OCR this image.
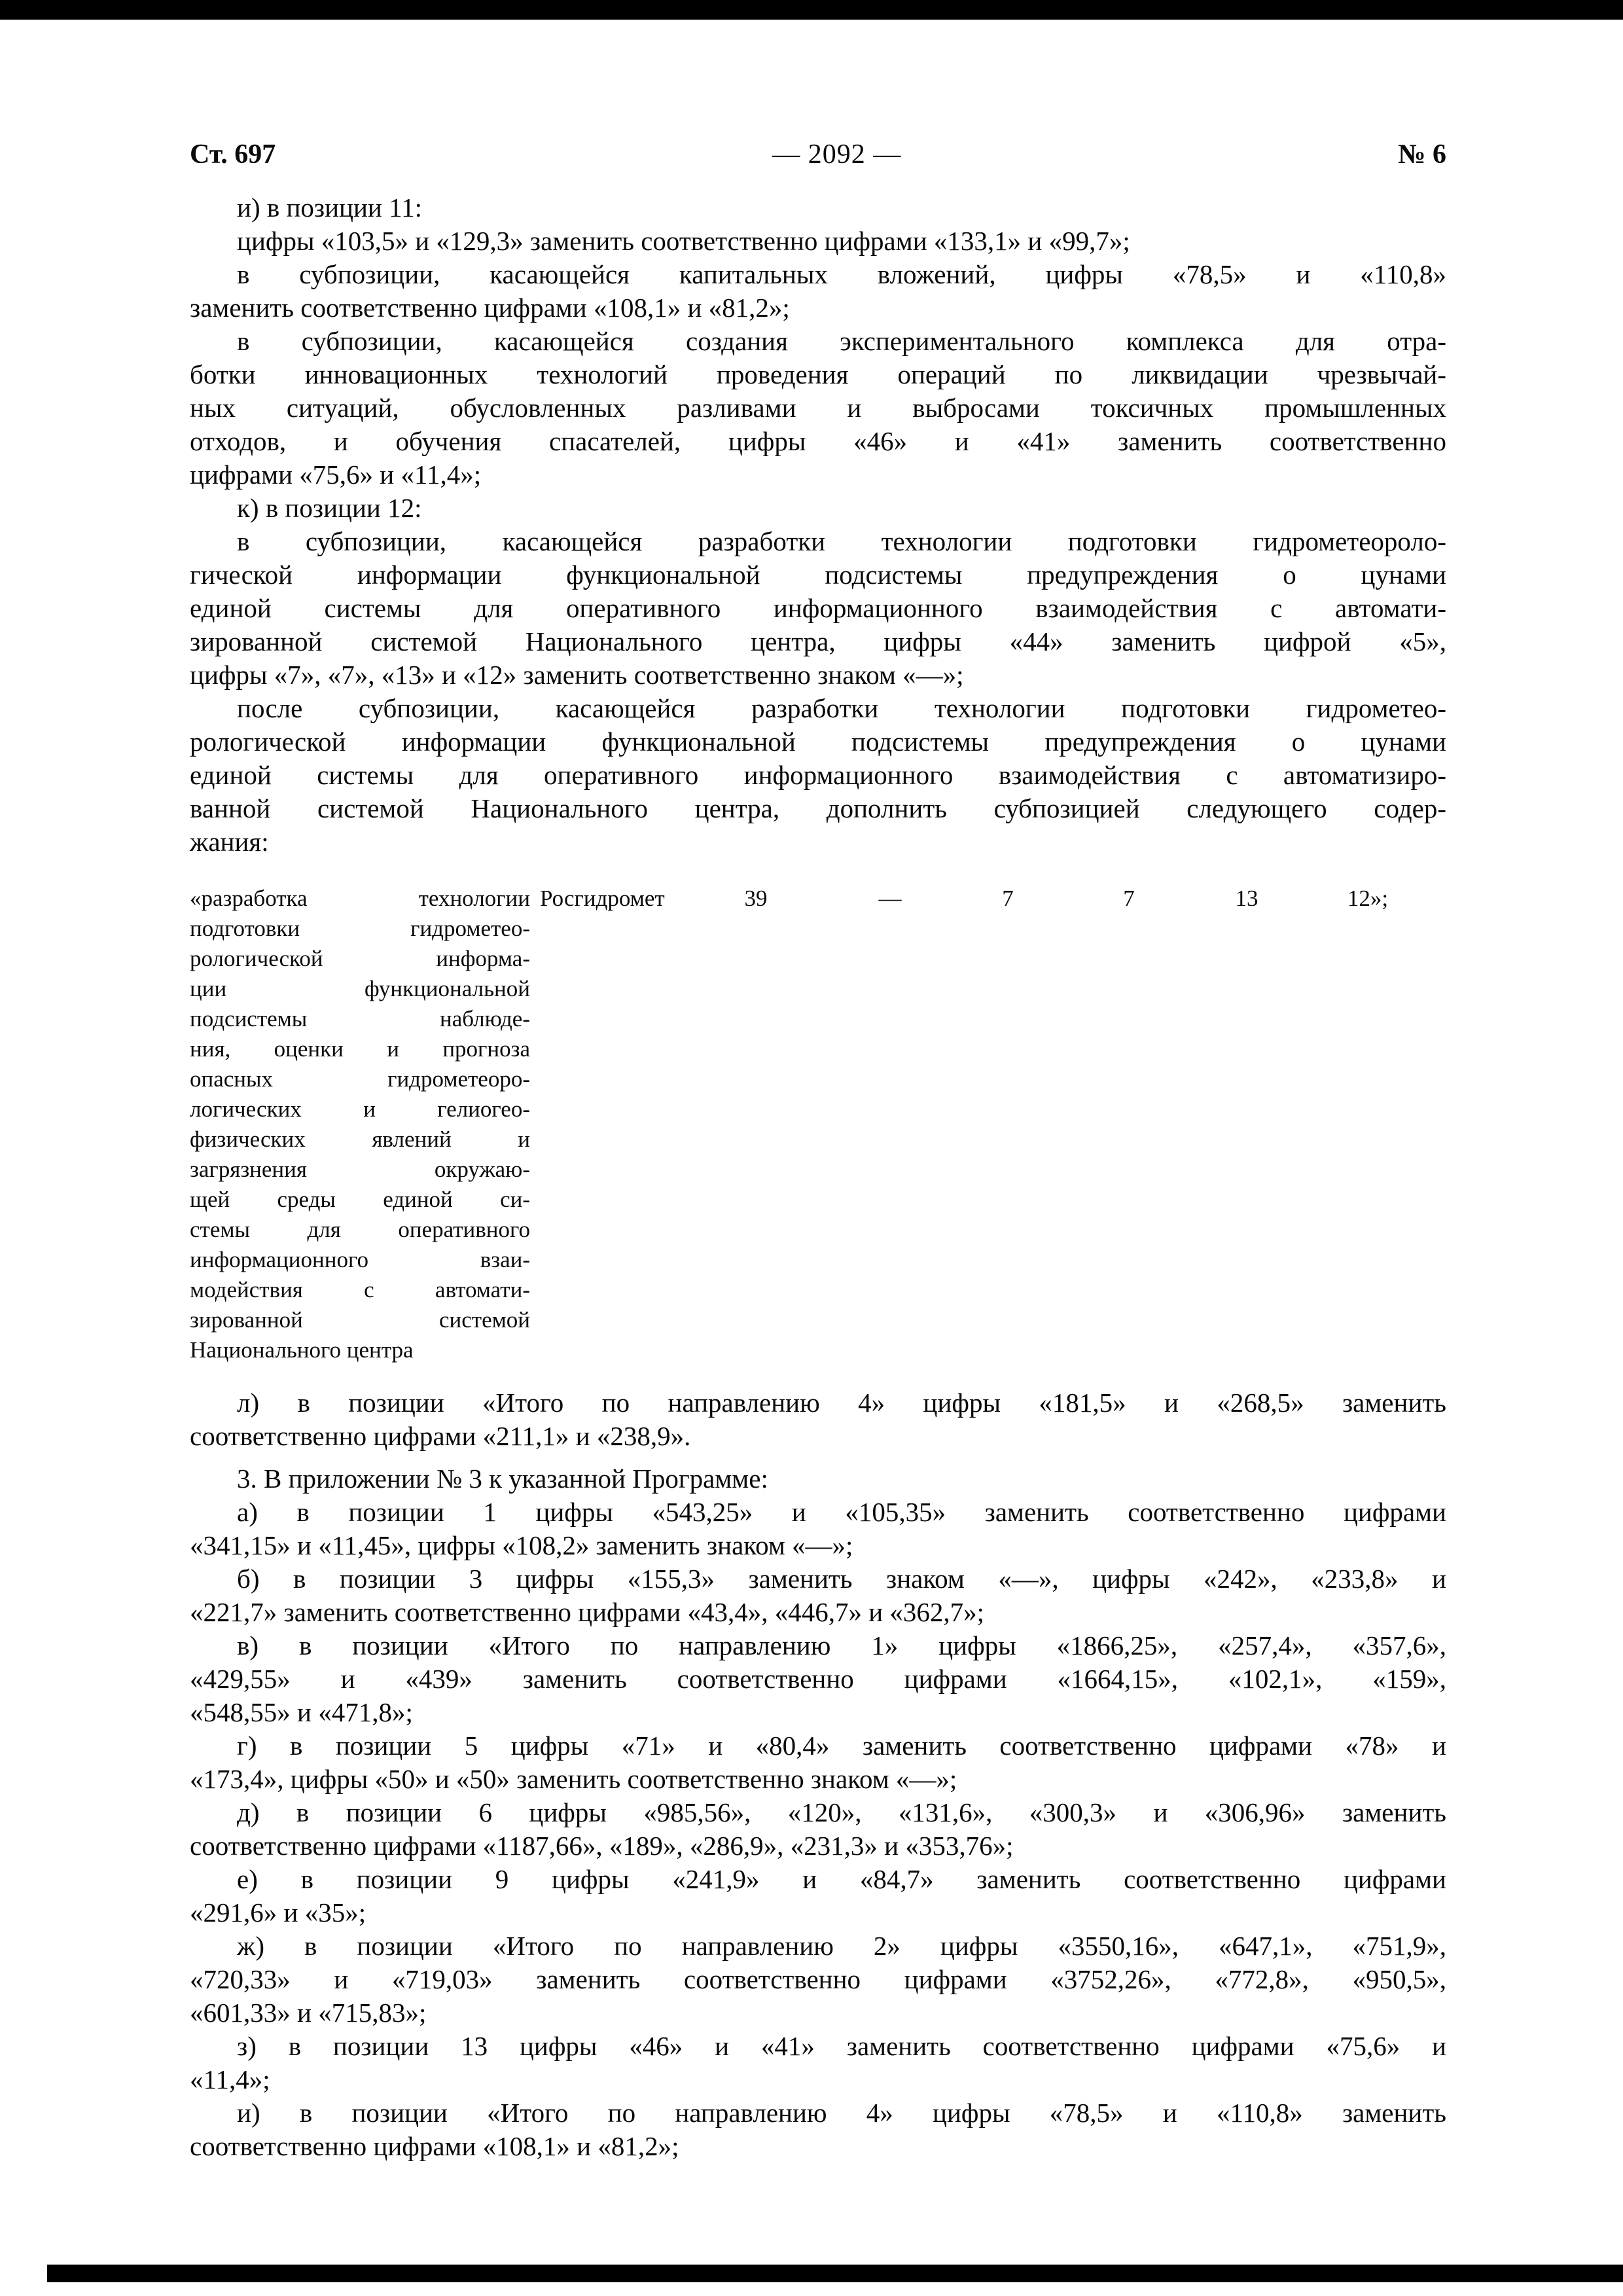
Ст. 697	— 2092 —	№ 6
и) в позиции 11:
цифры «103,5» и «129,3» заменить соответственно цифрами «133,1» и «99,7»;
в субпозиции, касающейся капитальных вложений, цифры «78,5» и «110,8»
заменить соответственно цифрами «108,1» и «81,2»;
в субпозиции, касающейся создания экспериментального комплекса для отра-
ботки инновационных технологий проведения операций по ликвидации чрезвычай-
ных ситуаций, обусловленных разливами и выбросами токсичных промышленных
отходов, и обучения спасателей, цифры «46» и «41» заменить соответственно
цифрами «75,6» и «11,4»;
к) в позиции 12:
в субпозиции, касающейся разработки технологии подготовки гидрометеороло-
гической информации функциональной подсистемы предупреждения о цунами
единой системы для оперативного информационного взаимодействия с автомати-
зированной системой Национального центра, цифры «44» заменить цифрой «5»,
цифры «7», «7», «13» и «12» заменить соответственно знаком «—»;
после субпозиции, касающейся разработки технологии подготовки гидрометео-
рологической информации функциональной подсистемы предупреждения о цунами
единой системы для оперативного информационного взаимодействия с автоматизиро-
ванной системой Национального центра, дополнить субпозицией следующего содер-
жания:
«разработка технологии
подготовки гидрометео-
рологической информа-
ции функциональной
подсистемы наблюде-
ния, оценки и прогноза
опасных гидрометеоро-
логических и гелиогео-
физических явлений и
загрязнения окружаю-
щей среды единой си-
стемы для оперативного
информационного взаи-
модействия с автомати-
зированной системой
Национального центра
Росгидромет	39	—	7	7	13	12»;
л) в позиции «Итого по направлению 4» цифры «181,5» и «268,5» заменить
соответственно цифрами «211,1» и «238,9».
3. В приложении № 3 к указанной Программе:
а) в позиции 1 цифры «543,25» и «105,35» заменить соответственно цифрами
«341,15» и «11,45», цифры «108,2» заменить знаком «—»;
б) в позиции 3 цифры «155,3» заменить знаком «—», цифры «242», «233,8» и
«221,7» заменить соответственно цифрами «43,4», «446,7» и «362,7»;
в) в позиции «Итого по направлению 1» цифры «1866,25», «257,4», «357,6»,
«429,55» и «439» заменить соответственно цифрами «1664,15», «102,1», «159»,
«548,55» и «471,8»;
г) в позиции 5 цифры «71» и «80,4» заменить соответственно цифрами «78» и
«173,4», цифры «50» и «50» заменить соответственно знаком «—»;
д) в позиции 6 цифры «985,56», «120», «131,6», «300,3» и «306,96» заменить
соответственно цифрами «1187,66», «189», «286,9», «231,3» и «353,76»;
е) в позиции 9 цифры «241,9» и «84,7» заменить соответственно цифрами
«291,6» и «35»;
ж) в позиции «Итого по направлению 2» цифры «3550,16», «647,1», «751,9»,
«720,33» и «719,03» заменить соответственно цифрами «3752,26», «772,8», «950,5»,
«601,33» и «715,83»;
з) в позиции 13 цифры «46» и «41» заменить соответственно цифрами «75,6» и
«11,4»;
и) в позиции «Итого по направлению 4» цифры «78,5» и «110,8» заменить
соответственно цифрами «108,1» и «81,2»;
